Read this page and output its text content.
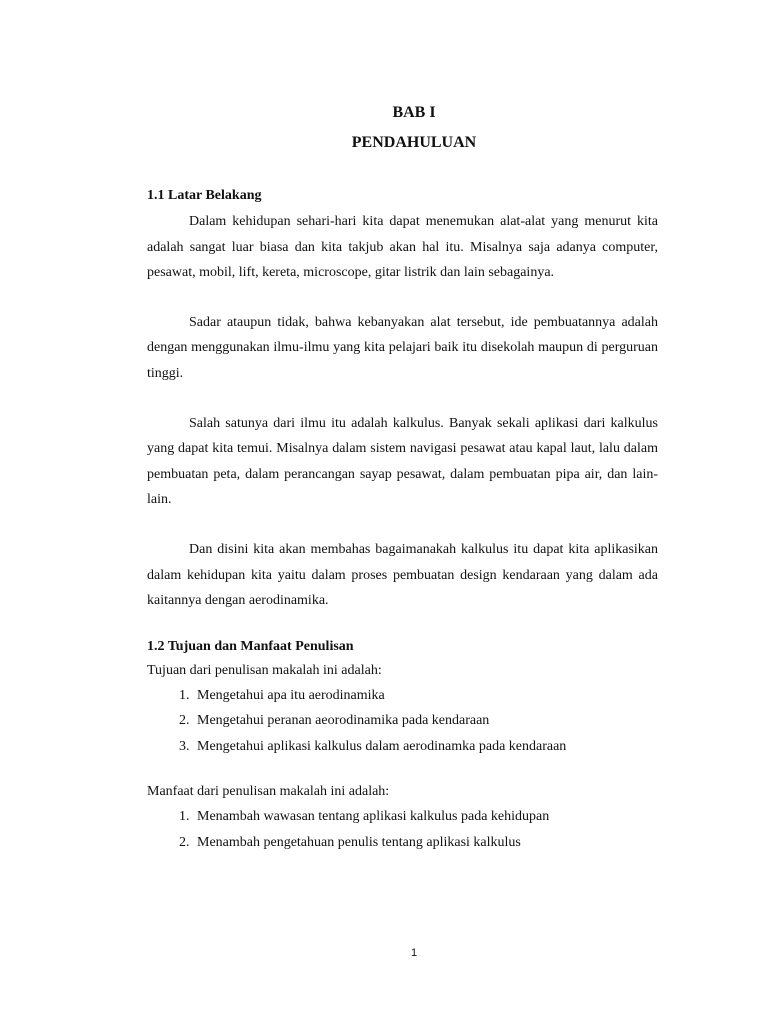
BAB I
PENDAHULUAN

1.1 Latar Belakang

Dalam kehidupan sehari-hari kita dapat menemukan alat-alat yang menurut kita adalah sangat luar biasa dan kita takjub akan hal itu. Misalnya saja adanya computer, pesawat, mobil, lift, kereta, microscope, gitar listrik dan lain sebagainya.

Sadar ataupun tidak, bahwa kebanyakan alat tersebut, ide pembuatannya adalah dengan menggunakan ilmu-ilmu yang kita pelajari baik itu disekolah maupun di perguruan tinggi.

Salah satunya dari ilmu itu adalah kalkulus. Banyak sekali aplikasi dari kalkulus yang dapat kita temui. Misalnya dalam sistem navigasi pesawat atau kapal laut, lalu dalam pembuatan peta, dalam perancangan sayap pesawat, dalam pembuatan pipa air, dan lain-lain.

Dan disini kita akan membahas bagaimanakah kalkulus itu dapat kita aplikasikan dalam kehidupan kita yaitu dalam proses pembuatan design kendaraan yang dalam ada kaitannya dengan aerodinamika.

1.2 Tujuan dan Manfaat Penulisan

Tujuan dari penulisan makalah ini adalah:

1. Mengetahui apa itu aerodinamika
2. Mengetahui peranan aeorodinamika pada kendaraan
3. Mengetahui aplikasi kalkulus dalam aerodinamka pada kendaraan

Manfaat dari penulisan makalah ini adalah:

1. Menambah wawasan tentang aplikasi kalkulus pada kehidupan
2. Menambah pengetahuan penulis tentang aplikasi kalkulus
1
